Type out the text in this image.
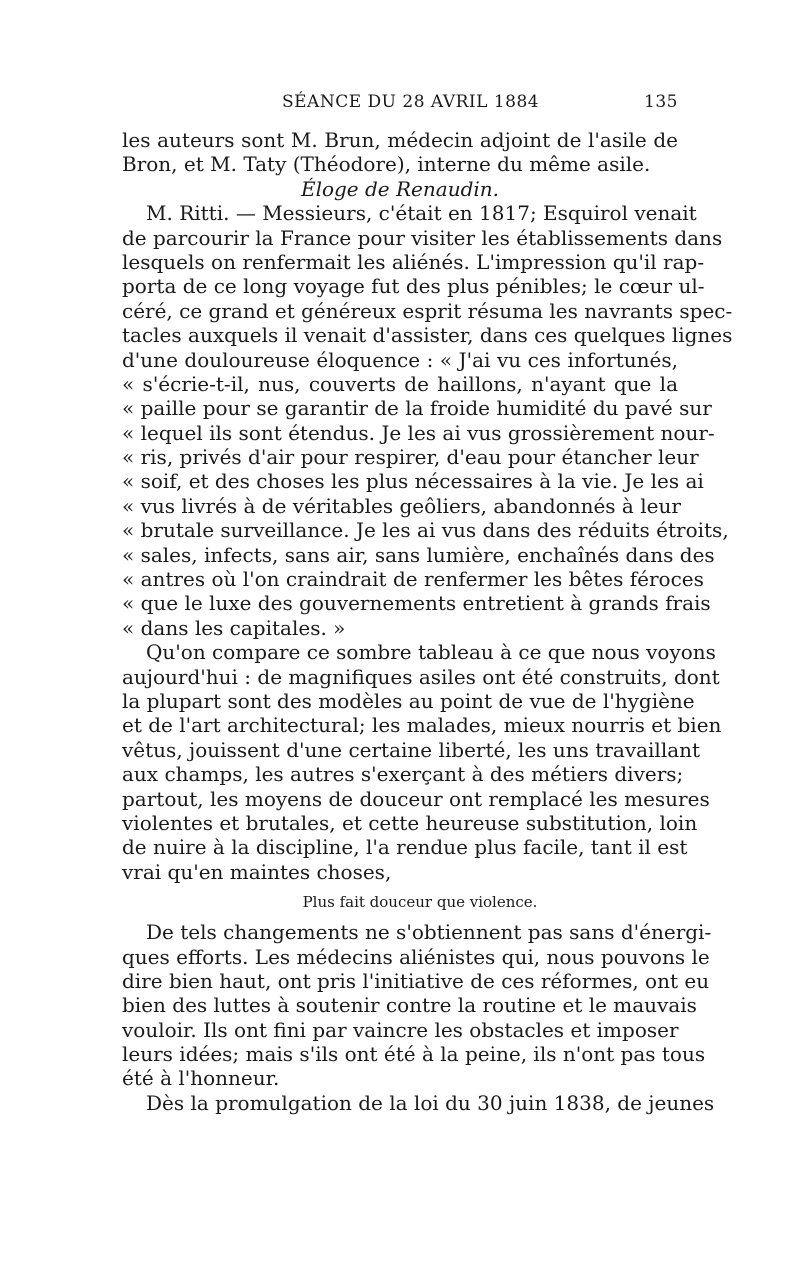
SÉANCE DU 28 AVRIL 1884	135
les auteurs sont M. Brun, médecin adjoint de l'asile de
Bron, et M. Taty (Théodore), interne du même asile.
Éloge de Renaudin.
M. Ritti. — Messieurs, c'était en 1817; Esquirol venait
de parcourir la France pour visiter les établissements dans
lesquels on renfermait les aliénés. L'impression qu'il rap-
porta de ce long voyage fut des plus pénibles; le cœur ul-
céré, ce grand et généreux esprit résuma les navrants spec-
tacles auxquels il venait d'assister, dans ces quelques lignes
d'une douloureuse éloquence : « J'ai vu ces infortunés,
« s'écrie-t-il, nus, couverts de haillons, n'ayant que la
« paille pour se garantir de la froide humidité du pavé sur
« lequel ils sont étendus. Je les ai vus grossièrement nour-
« ris, privés d'air pour respirer, d'eau pour étancher leur
« soif, et des choses les plus nécessaires à la vie. Je les ai
« vus livrés à de véritables geôliers, abandonnés à leur
« brutale surveillance. Je les ai vus dans des réduits étroits,
« sales, infects, sans air, sans lumière, enchaînés dans des
« antres où l'on craindrait de renfermer les bêtes féroces
« que le luxe des gouvernements entretient à grands frais
« dans les capitales. »
Qu'on compare ce sombre tableau à ce que nous voyons
aujourd'hui : de magnifiques asiles ont été construits, dont
la plupart sont des modèles au point de vue de l'hygiène
et de l'art architectural; les malades, mieux nourris et bien
vêtus, jouissent d'une certaine liberté, les uns travaillant
aux champs, les autres s'exerçant à des métiers divers;
partout, les moyens de douceur ont remplacé les mesures
violentes et brutales, et cette heureuse substitution, loin
de nuire à la discipline, l'a rendue plus facile, tant il est
vrai qu'en maintes choses,
Plus fait douceur que violence.
De tels changements ne s'obtiennent pas sans d'énergi-
ques efforts. Les médecins aliénistes qui, nous pouvons le
dire bien haut, ont pris l'initiative de ces réformes, ont eu
bien des luttes à soutenir contre la routine et le mauvais
vouloir. Ils ont fini par vaincre les obstacles et imposer
leurs idées; mais s'ils ont été à la peine, ils n'ont pas tous
été à l'honneur.
Dès la promulgation de la loi du 30 juin 1838, de jeunes
